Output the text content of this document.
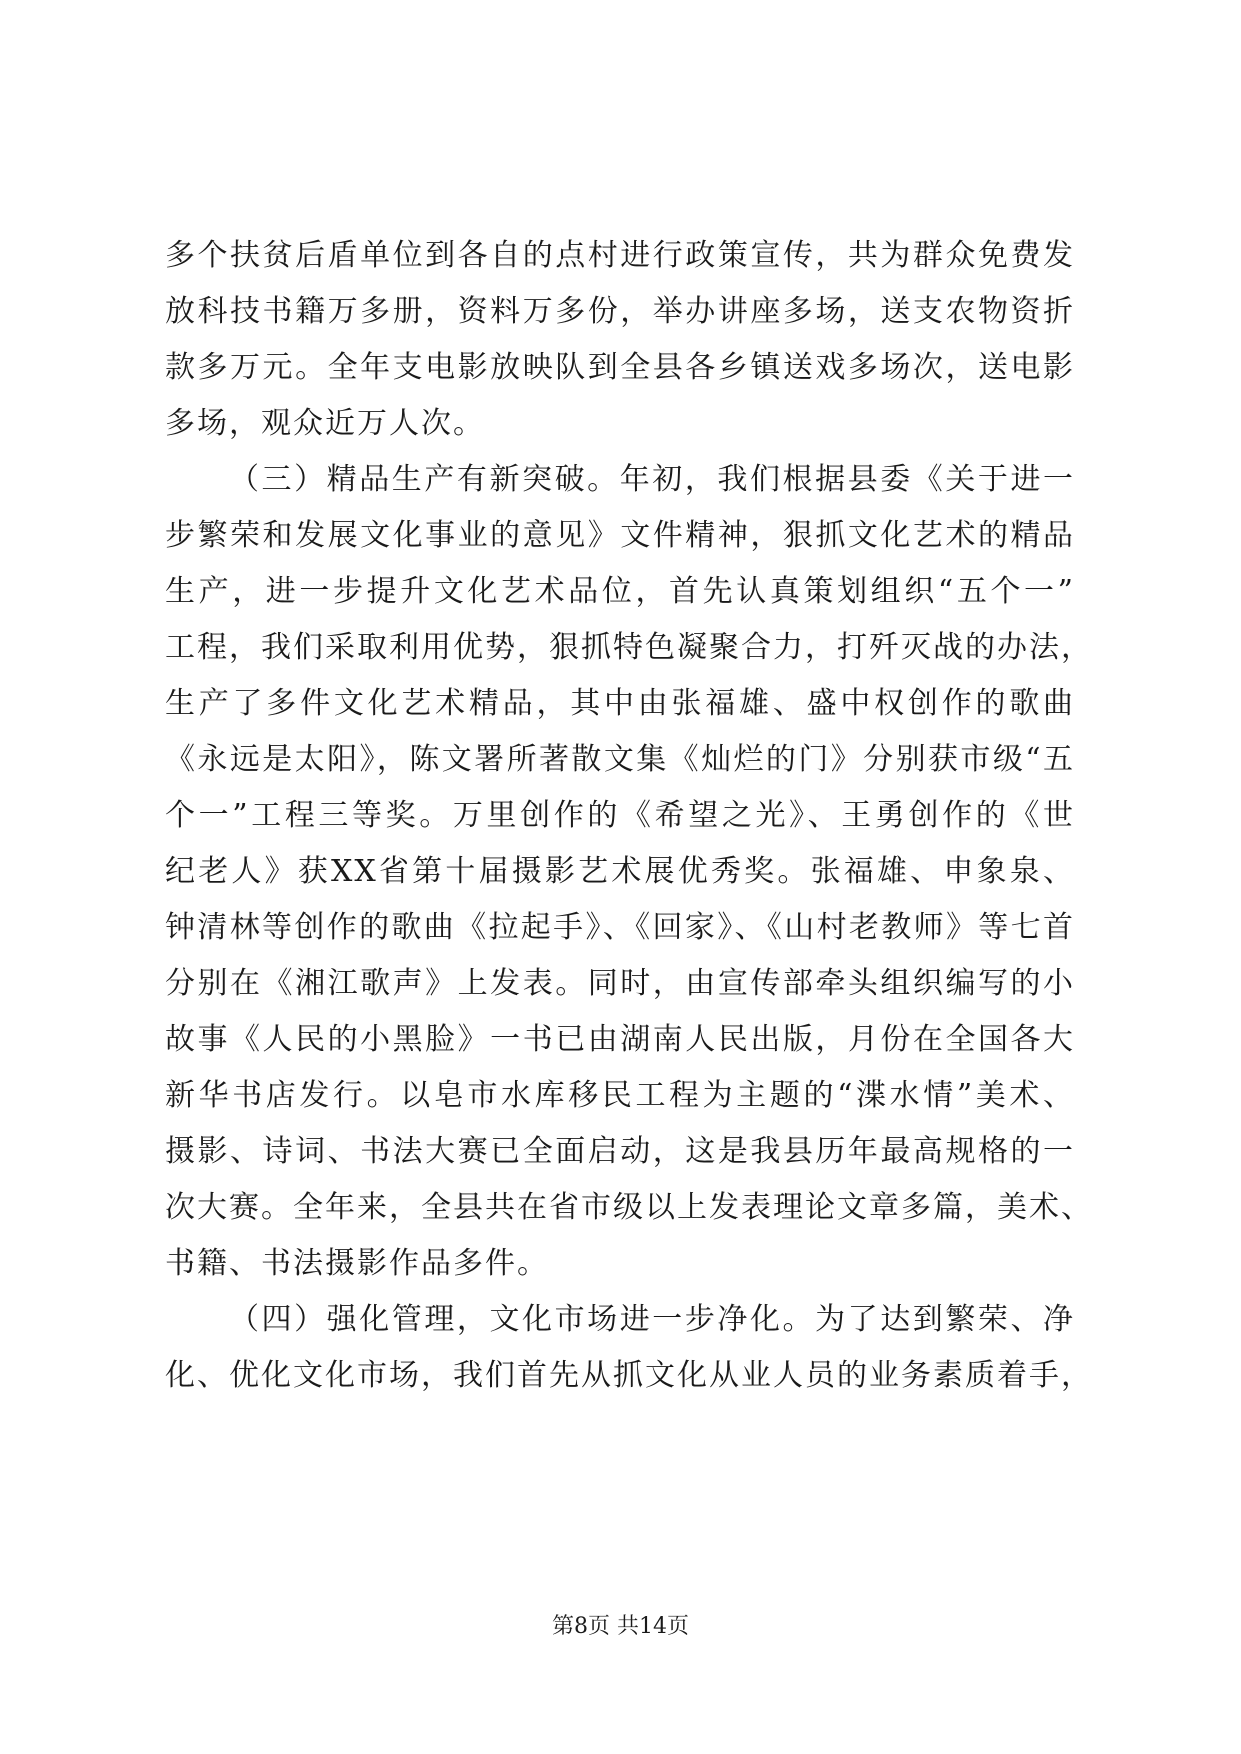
多个扶贫后盾单位到各自的点村进行政策宣传，共为群众免费发

放科技书籍万多册，资料万多份，举办讲座多场，送支农物资折

款多万元。全年支电影放映队到全县各乡镇送戏多场次，送电影

多场，观众近万人次。

（三）精品生产有新突破。年初，我们根据县委《关于进一

步繁荣和发展文化事业的意见》文件精神，狠抓文化艺术的精品

生产，进一步提升文化艺术品位，首先认真策划组织“五个一”

工程，我们采取利用优势，狠抓特色凝聚合力，打歼灭战的办法，

生产了多件文化艺术精品，其中由张福雄、盛中权创作的歌曲

《永远是太阳》，陈文署所著散文集《灿烂的门》分别获市级“五

个一”工程三等奖。万里创作的《希望之光》、王勇创作的《世

纪老人》获XX省第十届摄影艺术展优秀奖。张福雄、申象泉、

钟清林等创作的歌曲《拉起手》、《回家》、《山村老教师》等七首

分别在《湘江歌声》上发表。同时，由宣传部牵头组织编写的小

故事《人民的小黑脸》一书已由湖南人民出版，月份在全国各大

新华书店发行。以皂市水库移民工程为主题的“渫水情”美术、

摄影、诗词、书法大赛已全面启动，这是我县历年最高规格的一

次大赛。全年来，全县共在省市级以上发表理论文章多篇，美术、

书籍、书法摄影作品多件。

（四）强化管理，文化市场进一步净化。为了达到繁荣、净

化、优化文化市场，我们首先从抓文化从业人员的业务素质着手，

第8页 共14页
